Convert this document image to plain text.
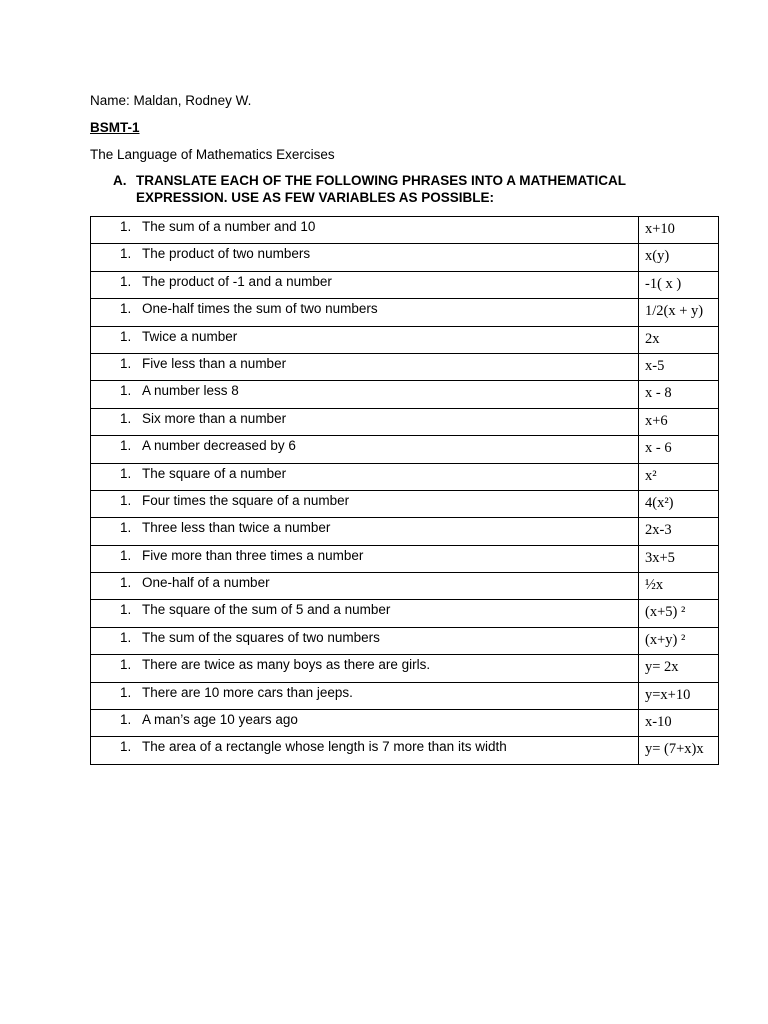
Name: Maldan, Rodney W.
BSMT-1
The Language of Mathematics Exercises
A. TRANSLATE EACH OF THE FOLLOWING PHRASES INTO A MATHEMATICAL EXPRESSION. USE AS FEW VARIABLES AS POSSIBLE:
1. The sum of a number and 10	x+10
1. The product of two numbers	x(y)
1. The product of -1 and a number	-1( x )
1. One-half times the sum of two numbers	1/2(x + y)
1. Twice a number	2x
1. Five less than a number	x-5
1. A number less 8	x - 8
1. Six more than a number	x+6
1. A number decreased by 6	x - 6
1. The square of a number	x²
1. Four times the square of a number	4(x²)
1. Three less than twice a number	2x-3
1. Five more than three times a number	3x+5
1. One-half of a number	½x
1. The square of the sum of 5 and a number	(x+5) ²
1. The sum of the squares of two numbers	(x+y) ²
1. There are twice as many boys as there are girls.	y= 2x
1. There are 10 more cars than jeeps.	y=x+10
1. A man’s age 10 years ago	x-10
1. The area of a rectangle whose length is 7 more than its width	y= (7+x)x
